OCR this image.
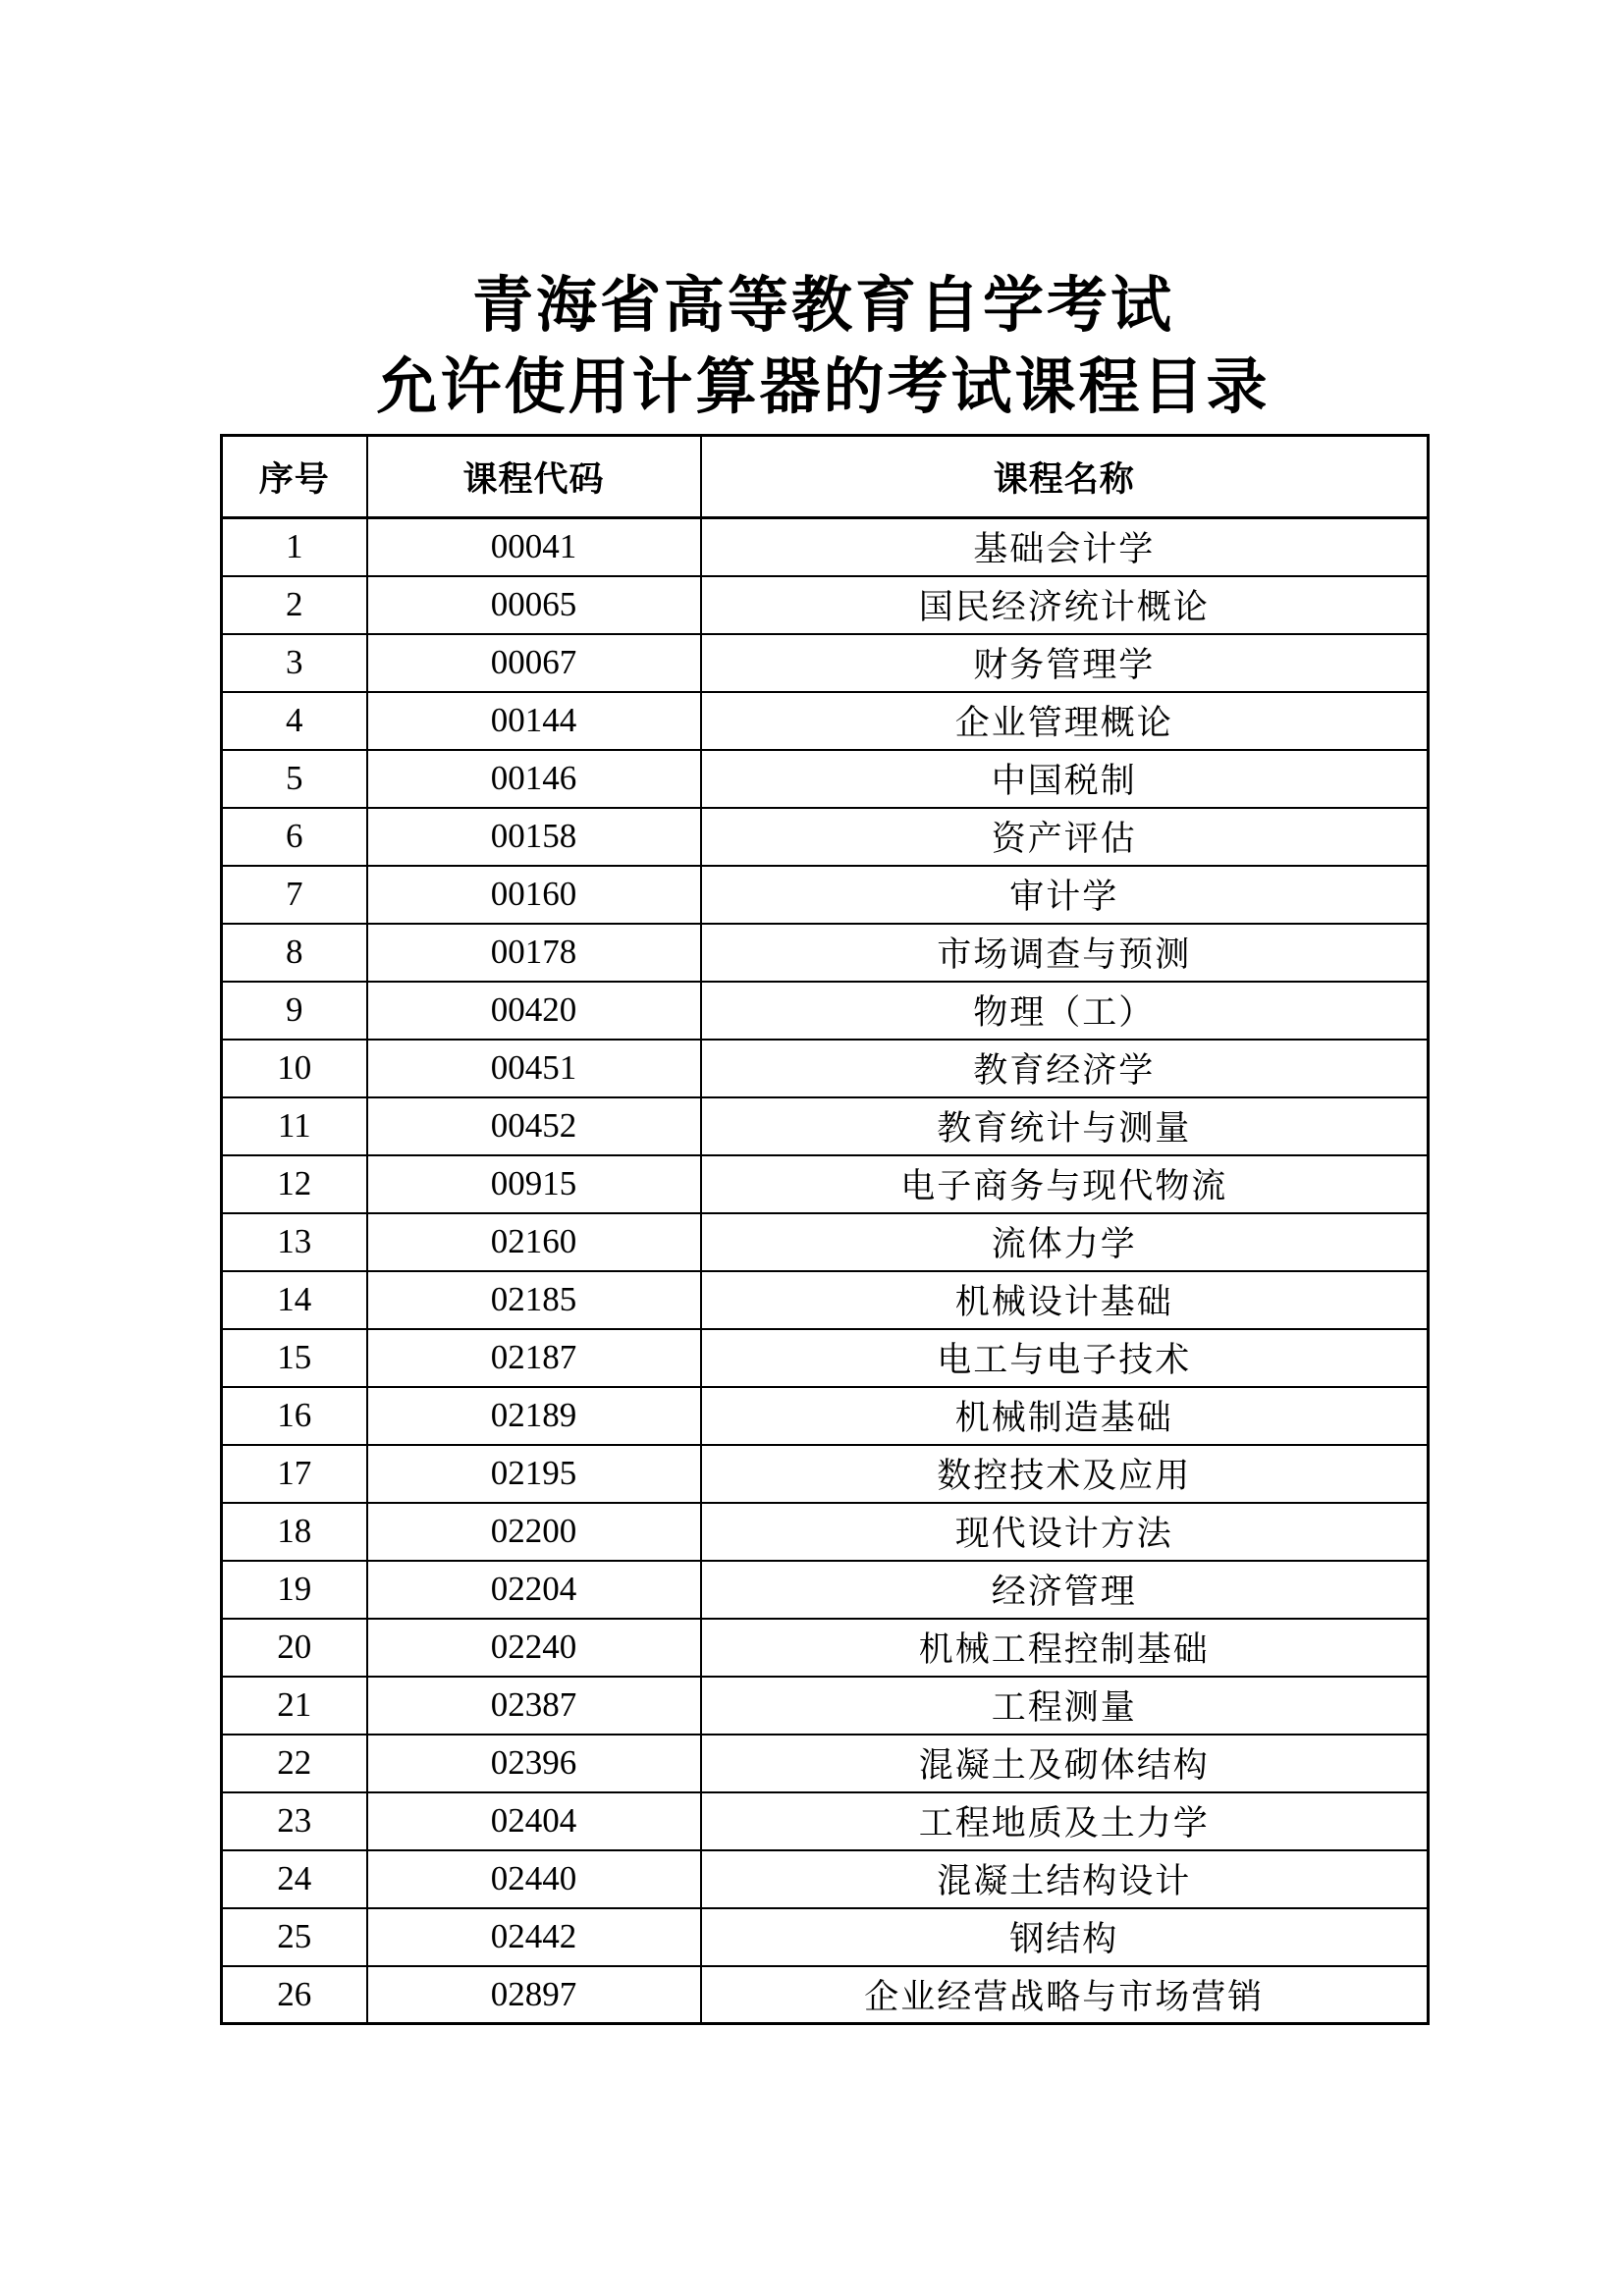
青海省高等教育自学考试
允许使用计算器的考试课程目录
序号	课程代码	课程名称
1	00041	基础会计学
2	00065	国民经济统计概论
3	00067	财务管理学
4	00144	企业管理概论
5	00146	中国税制
6	00158	资产评估
7	00160	审计学
8	00178	市场调查与预测
9	00420	物理（工）
10	00451	教育经济学
11	00452	教育统计与测量
12	00915	电子商务与现代物流
13	02160	流体力学
14	02185	机械设计基础
15	02187	电工与电子技术
16	02189	机械制造基础
17	02195	数控技术及应用
18	02200	现代设计方法
19	02204	经济管理
20	02240	机械工程控制基础
21	02387	工程测量
22	02396	混凝土及砌体结构
23	02404	工程地质及土力学
24	02440	混凝土结构设计
25	02442	钢结构
26	02897	企业经营战略与市场营销
